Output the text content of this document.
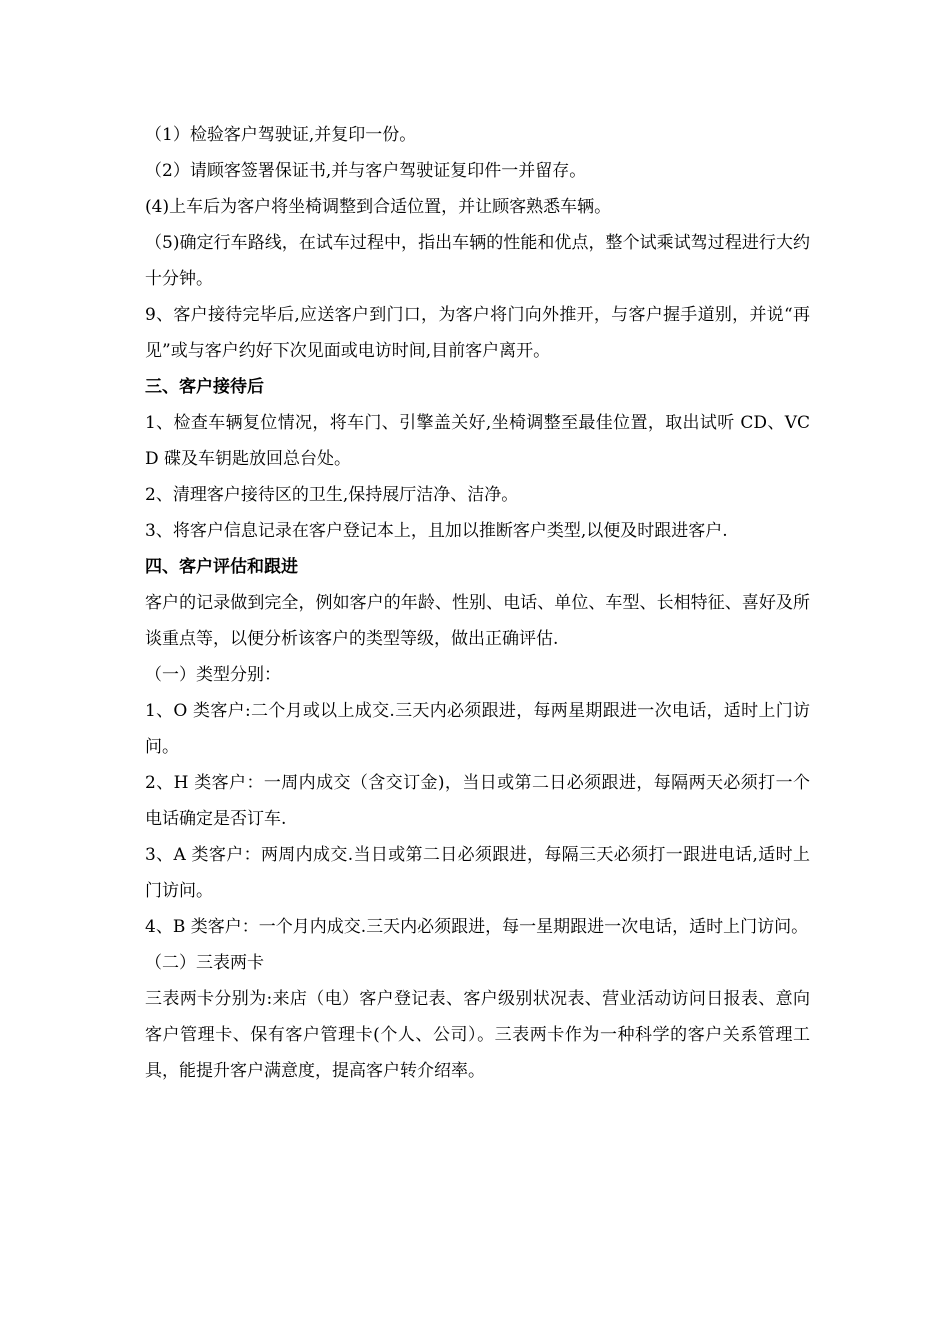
（1）检验客户驾驶证,并复印一份。

（2）请顾客签署保证书,并与客户驾驶证复印件一并留存。

(4)上车后为客户将坐椅调整到合适位置，并让顾客熟悉车辆。

（5)确定行车路线，在试车过程中，指出车辆的性能和优点，整个试乘试驾过程进行大约十分钟。

9、客户接待完毕后,应送客户到门口，为客户将门向外推开，与客户握手道别，并说“再见”或与客户约好下次见面或电访时间,目前客户离开。

三、客户接待后

1、检查车辆复位情况，将车门、引擎盖关好,坐椅调整至最佳位置，取出试听 CD、VCD 碟及车钥匙放回总台处。

2、清理客户接待区的卫生,保持展厅洁净、洁净。

3、将客户信息记录在客户登记本上，且加以推断客户类型,以便及时跟进客户.

四、客户评估和跟进

客户的记录做到完全，例如客户的年龄、性别、电话、单位、车型、长相特征、喜好及所谈重点等，以便分析该客户的类型等级，做出正确评估.

（一）类型分别：

1、O 类客户:二个月或以上成交.三天内必须跟进，每两星期跟进一次电话，适时上门访问。

2、H 类客户：一周内成交（含交订金)，当日或第二日必须跟进，每隔两天必须打一个电话确定是否订车.

3、A 类客户：两周内成交.当日或第二日必须跟进，每隔三天必须打一跟进电话,适时上门访问。

4、B 类客户：一个月内成交.三天内必须跟进，每一星期跟进一次电话，适时上门访问。

（二）三表两卡

三表两卡分别为:来店（电）客户登记表、客户级别状况表、营业活动访问日报表、意向客户管理卡、保有客户管理卡(个人、公司）。三表两卡作为一种科学的客户关系管理工具，能提升客户满意度，提高客户转介绍率。
